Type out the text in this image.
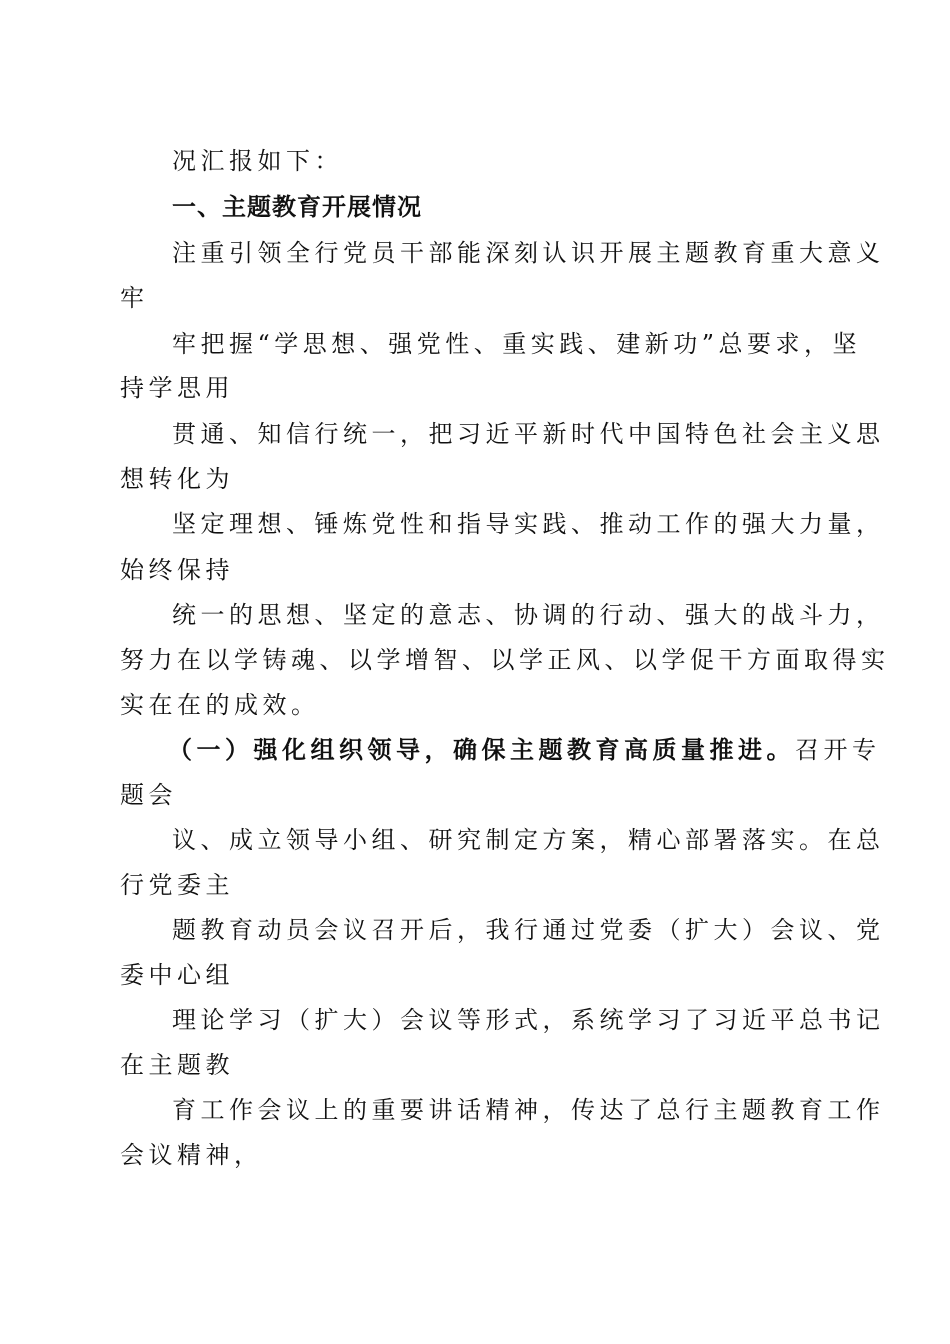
况汇报如下：
一、主题教育开展情况
注重引领全行党员干部能深刻认识开展主题教育重大意义
牢
牢把握“学思想、强党性、重实践、建新功”总要求，坚
持学思用
贯通、知信行统一，把习近平新时代中国特色社会主义思
想转化为
坚定理想、锤炼党性和指导实践、推动工作的强大力量，
始终保持
统一的思想、坚定的意志、协调的行动、强大的战斗力，
努力在以学铸魂、以学增智、以学正风、以学促干方面取得实
实在在的成效。
（一）强化组织领导，确保主题教育高质量推进。召开专
题会
议、成立领导小组、研究制定方案，精心部署落实。在总
行党委主
题教育动员会议召开后，我行通过党委（扩大）会议、党
委中心组
理论学习（扩大）会议等形式，系统学习了习近平总书记
在主题教
育工作会议上的重要讲话精神，传达了总行主题教育工作
会议精神，
